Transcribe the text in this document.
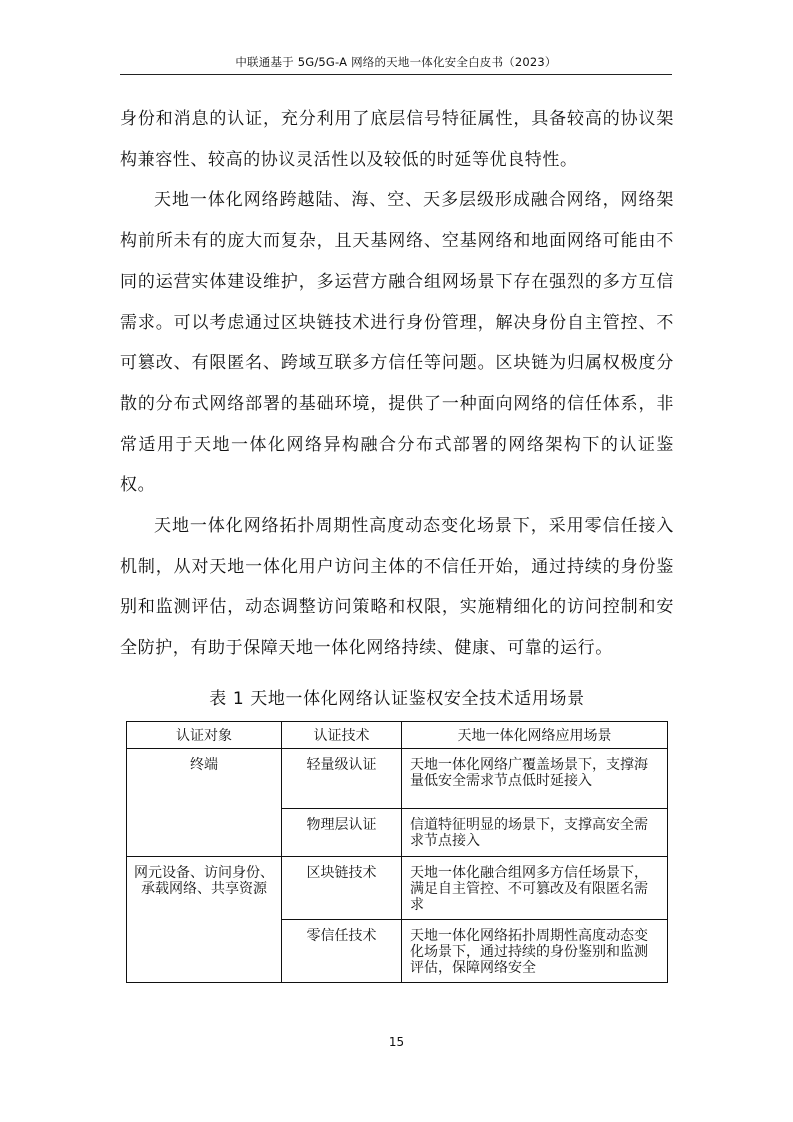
中联通基于 5G/5G-A 网络的天地一体化安全白皮书（2023）

身份和消息的认证，充分利用了底层信号特征属性，具备较高的协议架构兼容性、较高的协议灵活性以及较低的时延等优良特性。

天地一体化网络跨越陆、海、空、天多层级形成融合网络，网络架构前所未有的庞大而复杂，且天基网络、空基网络和地面网络可能由不同的运营实体建设维护，多运营方融合组网场景下存在强烈的多方互信需求。可以考虑通过区块链技术进行身份管理，解决身份自主管控、不可篡改、有限匿名、跨域互联多方信任等问题。区块链为归属权极度分散的分布式网络部署的基础环境，提供了一种面向网络的信任体系，非常适用于天地一体化网络异构融合分布式部署的网络架构下的认证鉴权。

天地一体化网络拓扑周期性高度动态变化场景下，采用零信任接入机制，从对天地一体化用户访问主体的不信任开始，通过持续的身份鉴别和监测评估，动态调整访问策略和权限，实施精细化的访问控制和安全防护，有助于保障天地一体化网络持续、健康、可靠的运行。

表 1 天地一体化网络认证鉴权安全技术适用场景
认证对象	认证技术	天地一体化网络应用场景
终端	轻量级认证	天地一体化网络广覆盖场景下，支撑海量低安全需求节点低时延接入
	物理层认证	信道特征明显的场景下，支撑高安全需求节点接入
网元设备、访问身份、承载网络、共享资源	区块链技术	天地一体化融合组网多方信任场景下，满足自主管控、不可篡改及有限匿名需求
	零信任技术	天地一体化网络拓扑周期性高度动态变化场景下，通过持续的身份鉴别和监测评估，保障网络安全
15
